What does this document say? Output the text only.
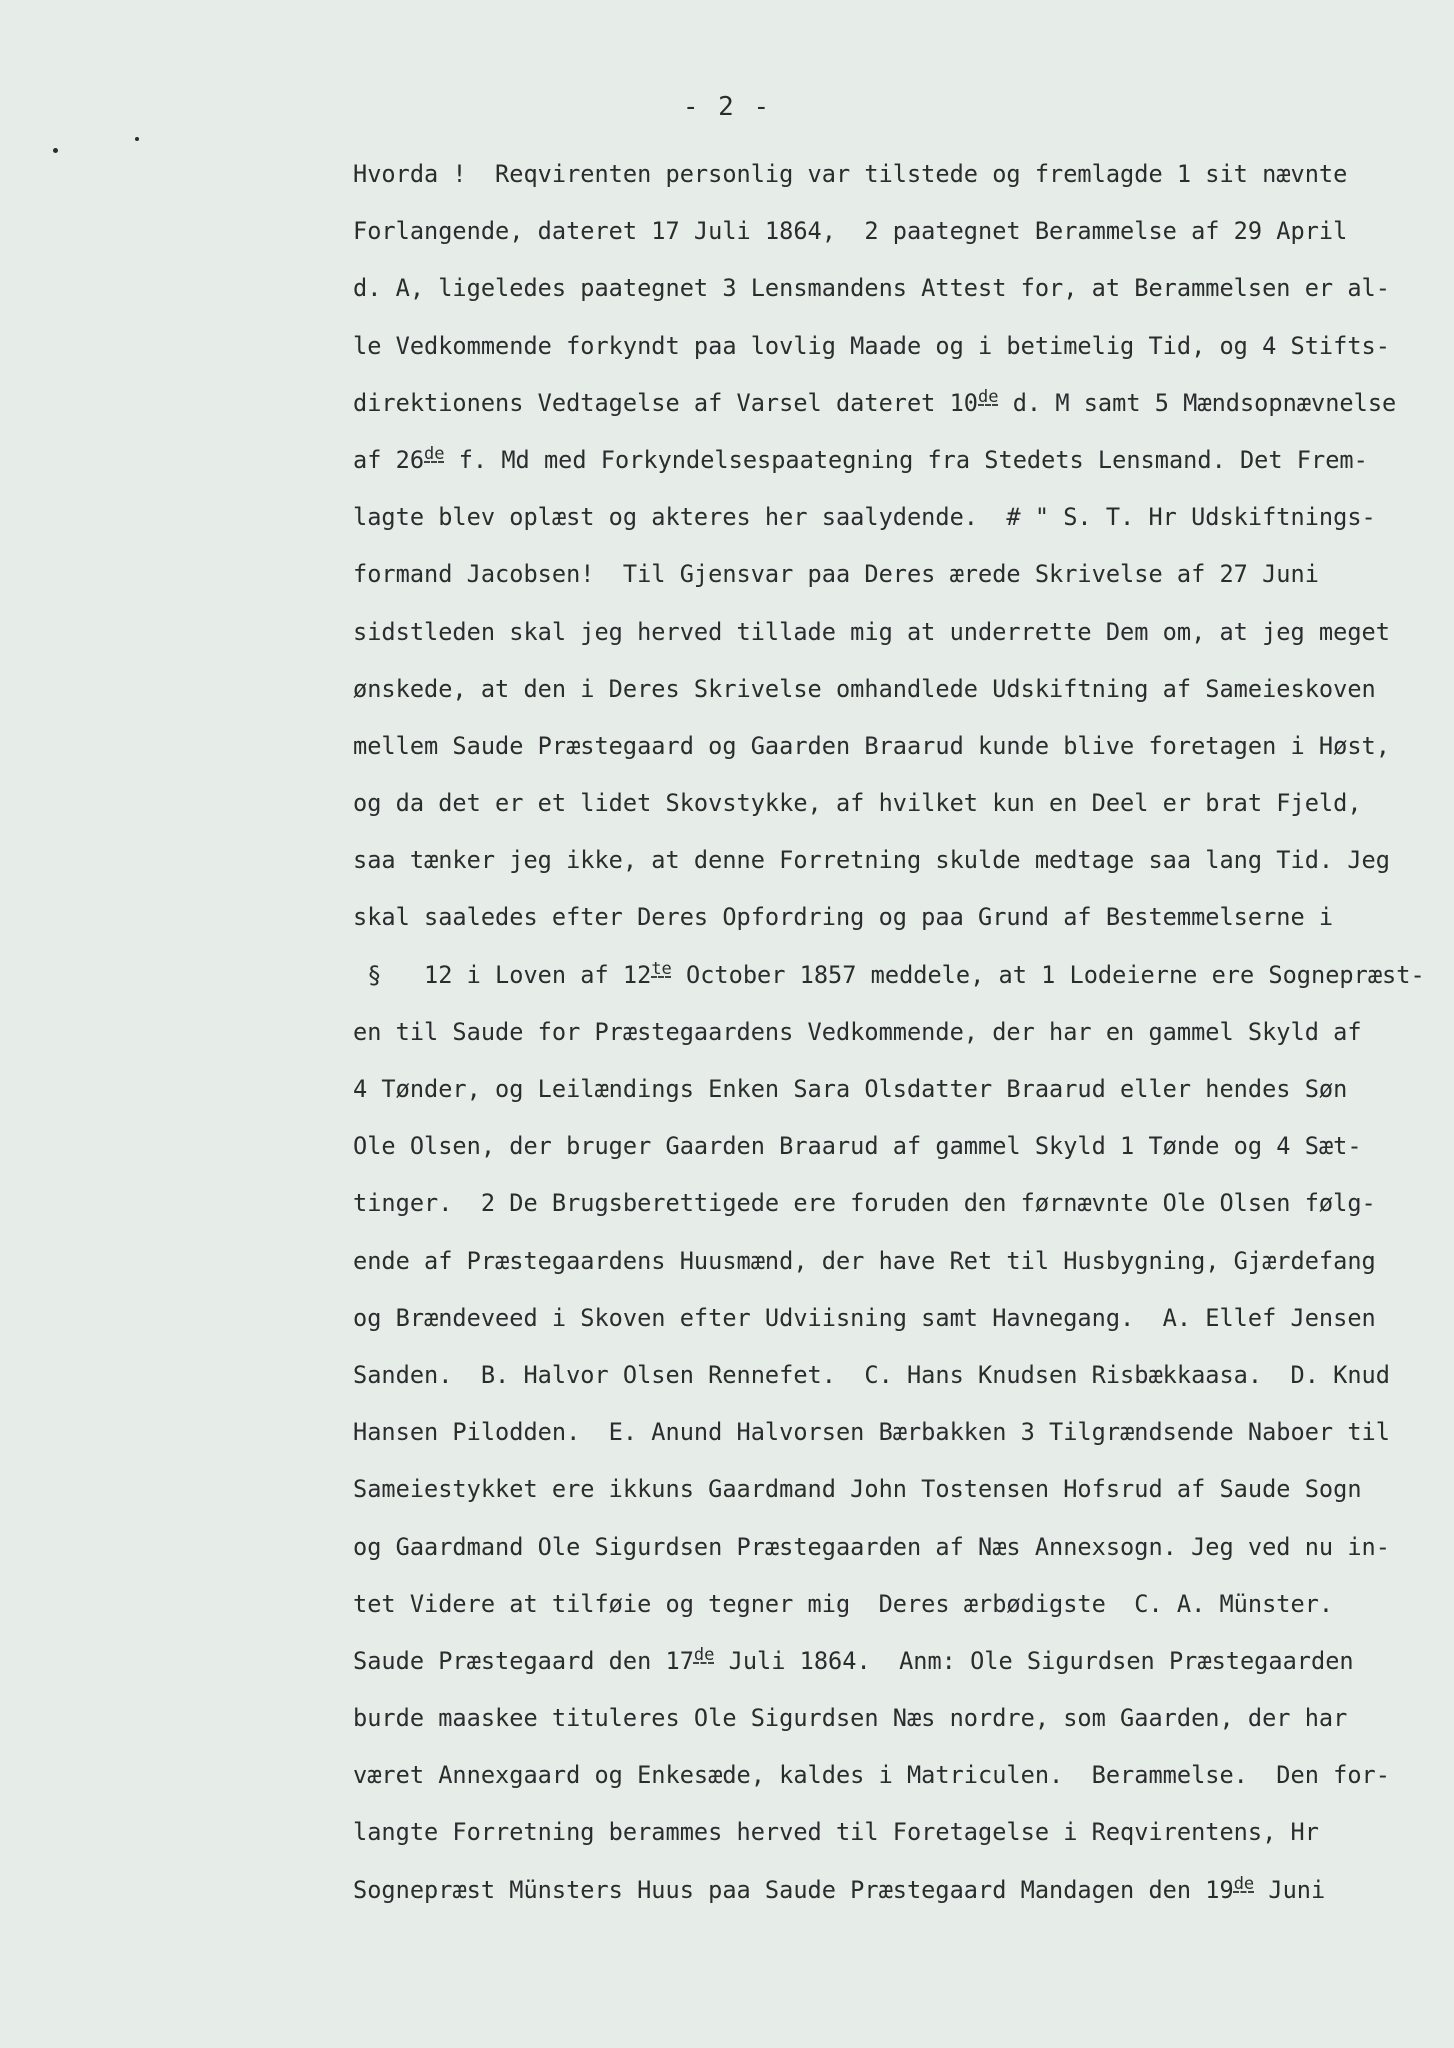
- 2 -
Hvorda !  Reqvirenten personlig var tilstede og fremlagde 1 sit nævnte
Forlangende, dateret 17 Juli 1864,  2 paategnet Berammelse af 29 April
d. A, ligeledes paategnet 3 Lensmandens Attest for, at Berammelsen er al-
le Vedkommende forkyndt paa lovlig Maade og i betimelig Tid, og 4 Stifts-
direktionens Vedtagelse af Varsel dateret 10de d. M samt 5 Mændsopnævnelse
af 26de f. Md med Forkyndelsespaategning fra Stedets Lensmand. Det Frem-
lagte blev oplæst og akteres her saalydende.  # " S. T. Hr Udskiftnings-
formand Jacobsen!  Til Gjensvar paa Deres ærede Skrivelse af 27 Juni
sidstleden skal jeg herved tillade mig at underrette Dem om, at jeg meget
ønskede, at den i Deres Skrivelse omhandlede Udskiftning af Sameieskoven
mellem Saude Præstegaard og Gaarden Braarud kunde blive foretagen i Høst,
og da det er et lidet Skovstykke, af hvilket kun en Deel er brat Fjeld,
saa tænker jeg ikke, at denne Forretning skulde medtage saa lang Tid. Jeg
skal saaledes efter Deres Opfordring og paa Grund af Bestemmelserne i
§   12 i Loven af $12^{te}$ October 1857 meddele, at 1 Lodeierne ere Sognepræst-
en til Saude for Præstegaardens Vedkommende, der har en gammel Skyld af
4 Tønder, og Leilændings Enken Sara Olsdatter Braarud eller hendes Søn
Ole Olsen, der bruger Gaarden Braarud af gammel Skyld 1 Tønde og 4 Sæt-
tinger.  2 De Brugsberettigede ere foruden den førnævnte Ole Olsen følg-
ende af Præstegaardens Huusmænd, der have Ret til Husbygning, Gjærdefang
og Brændeveed i Skoven efter Udviisning samt Havnegang.  A. Ellef Jensen
Sanden.  B. Halvor Olsen Rennefet.  C. Hans Knudsen Risbækkaasa.  D. Knud
Hansen Pilodden.  E. Anund Halvorsen Bærbakken 3 Tilgrændsende Naboer til
Sameiestykket ere ikkuns Gaardmand John Tostensen Hofsrud af Saude Sogn
og Gaardmand Ole Sigurdsen Præstegaarden af Næs Annexsogn. Jeg ved nu in-
tet Videre at tilføie og tegner mig  Deres ærbødigste  C. A. Münster.
Saude Præstegaard den 17de Juli 1864.  Anm: Ole Sigurdsen Præstegaarden
burde maaskee tituleres Ole Sigurdsen Næs nordre, som Gaarden, der har
været Annexgaard og Enkesæde, kaldes i Matriculen.  Berammelse.  Den for-
langte Forretning berammes herved til Foretagelse i Reqvirentens, Hr
Sognepræst Münsters Huus paa Saude Præstegaard Mandagen den 19de Juni
